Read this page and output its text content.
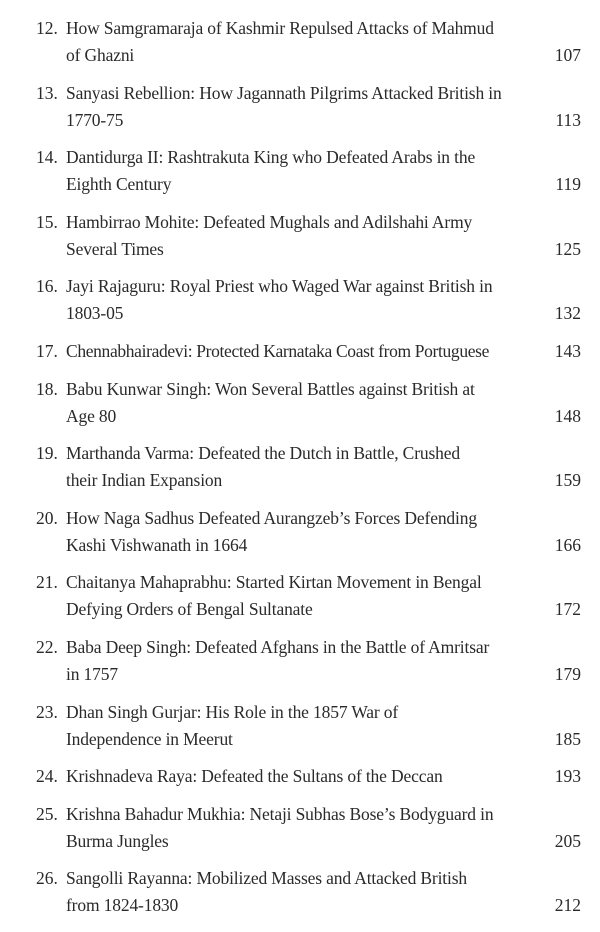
12. How Samgramaraja of Kashmir Repulsed Attacks of Mahmud
of Ghazni	107
13. Sanyasi Rebellion: How Jagannath Pilgrims Attacked British in
1770-75	113
14. Dantidurga II: Rashtrakuta King who Defeated Arabs in the
Eighth Century	119
15. Hambirrao Mohite: Defeated Mughals and Adilshahi Army
Several Times	125
16. Jayi Rajaguru: Royal Priest who Waged War against British in
1803-05	132
17. Chennabhairadevi: Protected Karnataka Coast from Portuguese	143
18. Babu Kunwar Singh: Won Several Battles against British at
Age 80	148
19. Marthanda Varma: Defeated the Dutch in Battle, Crushed
their Indian Expansion	159
20. How Naga Sadhus Defeated Aurangzeb’s Forces Defending
Kashi Vishwanath in 1664	166
21. Chaitanya Mahaprabhu: Started Kirtan Movement in Bengal
Defying Orders of Bengal Sultanate	172
22. Baba Deep Singh: Defeated Afghans in the Battle of Amritsar
in 1757	179
23. Dhan Singh Gurjar: His Role in the 1857 War of
Independence in Meerut	185
24. Krishnadeva Raya: Defeated the Sultans of the Deccan	193
25. Krishna Bahadur Mukhia: Netaji Subhas Bose’s Bodyguard in
Burma Jungles	205
26. Sangolli Rayanna: Mobilized Masses and Attacked British
from 1824-1830	212
